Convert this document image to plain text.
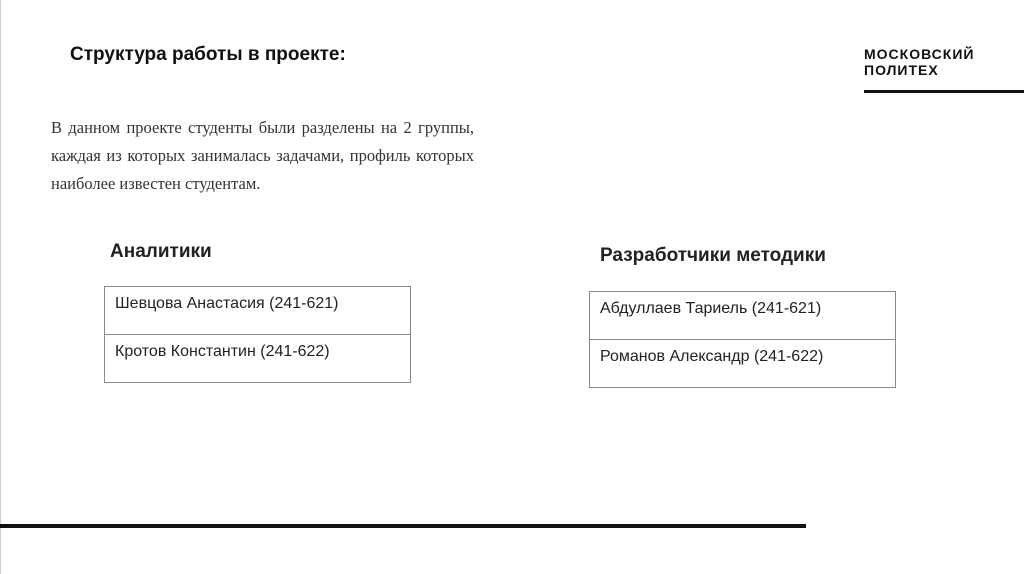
Структура работы в проекте:	МОСКОВСКИЙ
ПОЛИТЕХ
В данном проекте студенты были разделены на 2 группы, каждая из которых занималась задачами, профиль которых наиболее известен студентам.
Аналитики
Шевцова Анастасия (241-621)
Кротов Константин (241-622)
Разработчики методики
Абдуллаев Тариель (241-621)
Романов Александр (241-622)
